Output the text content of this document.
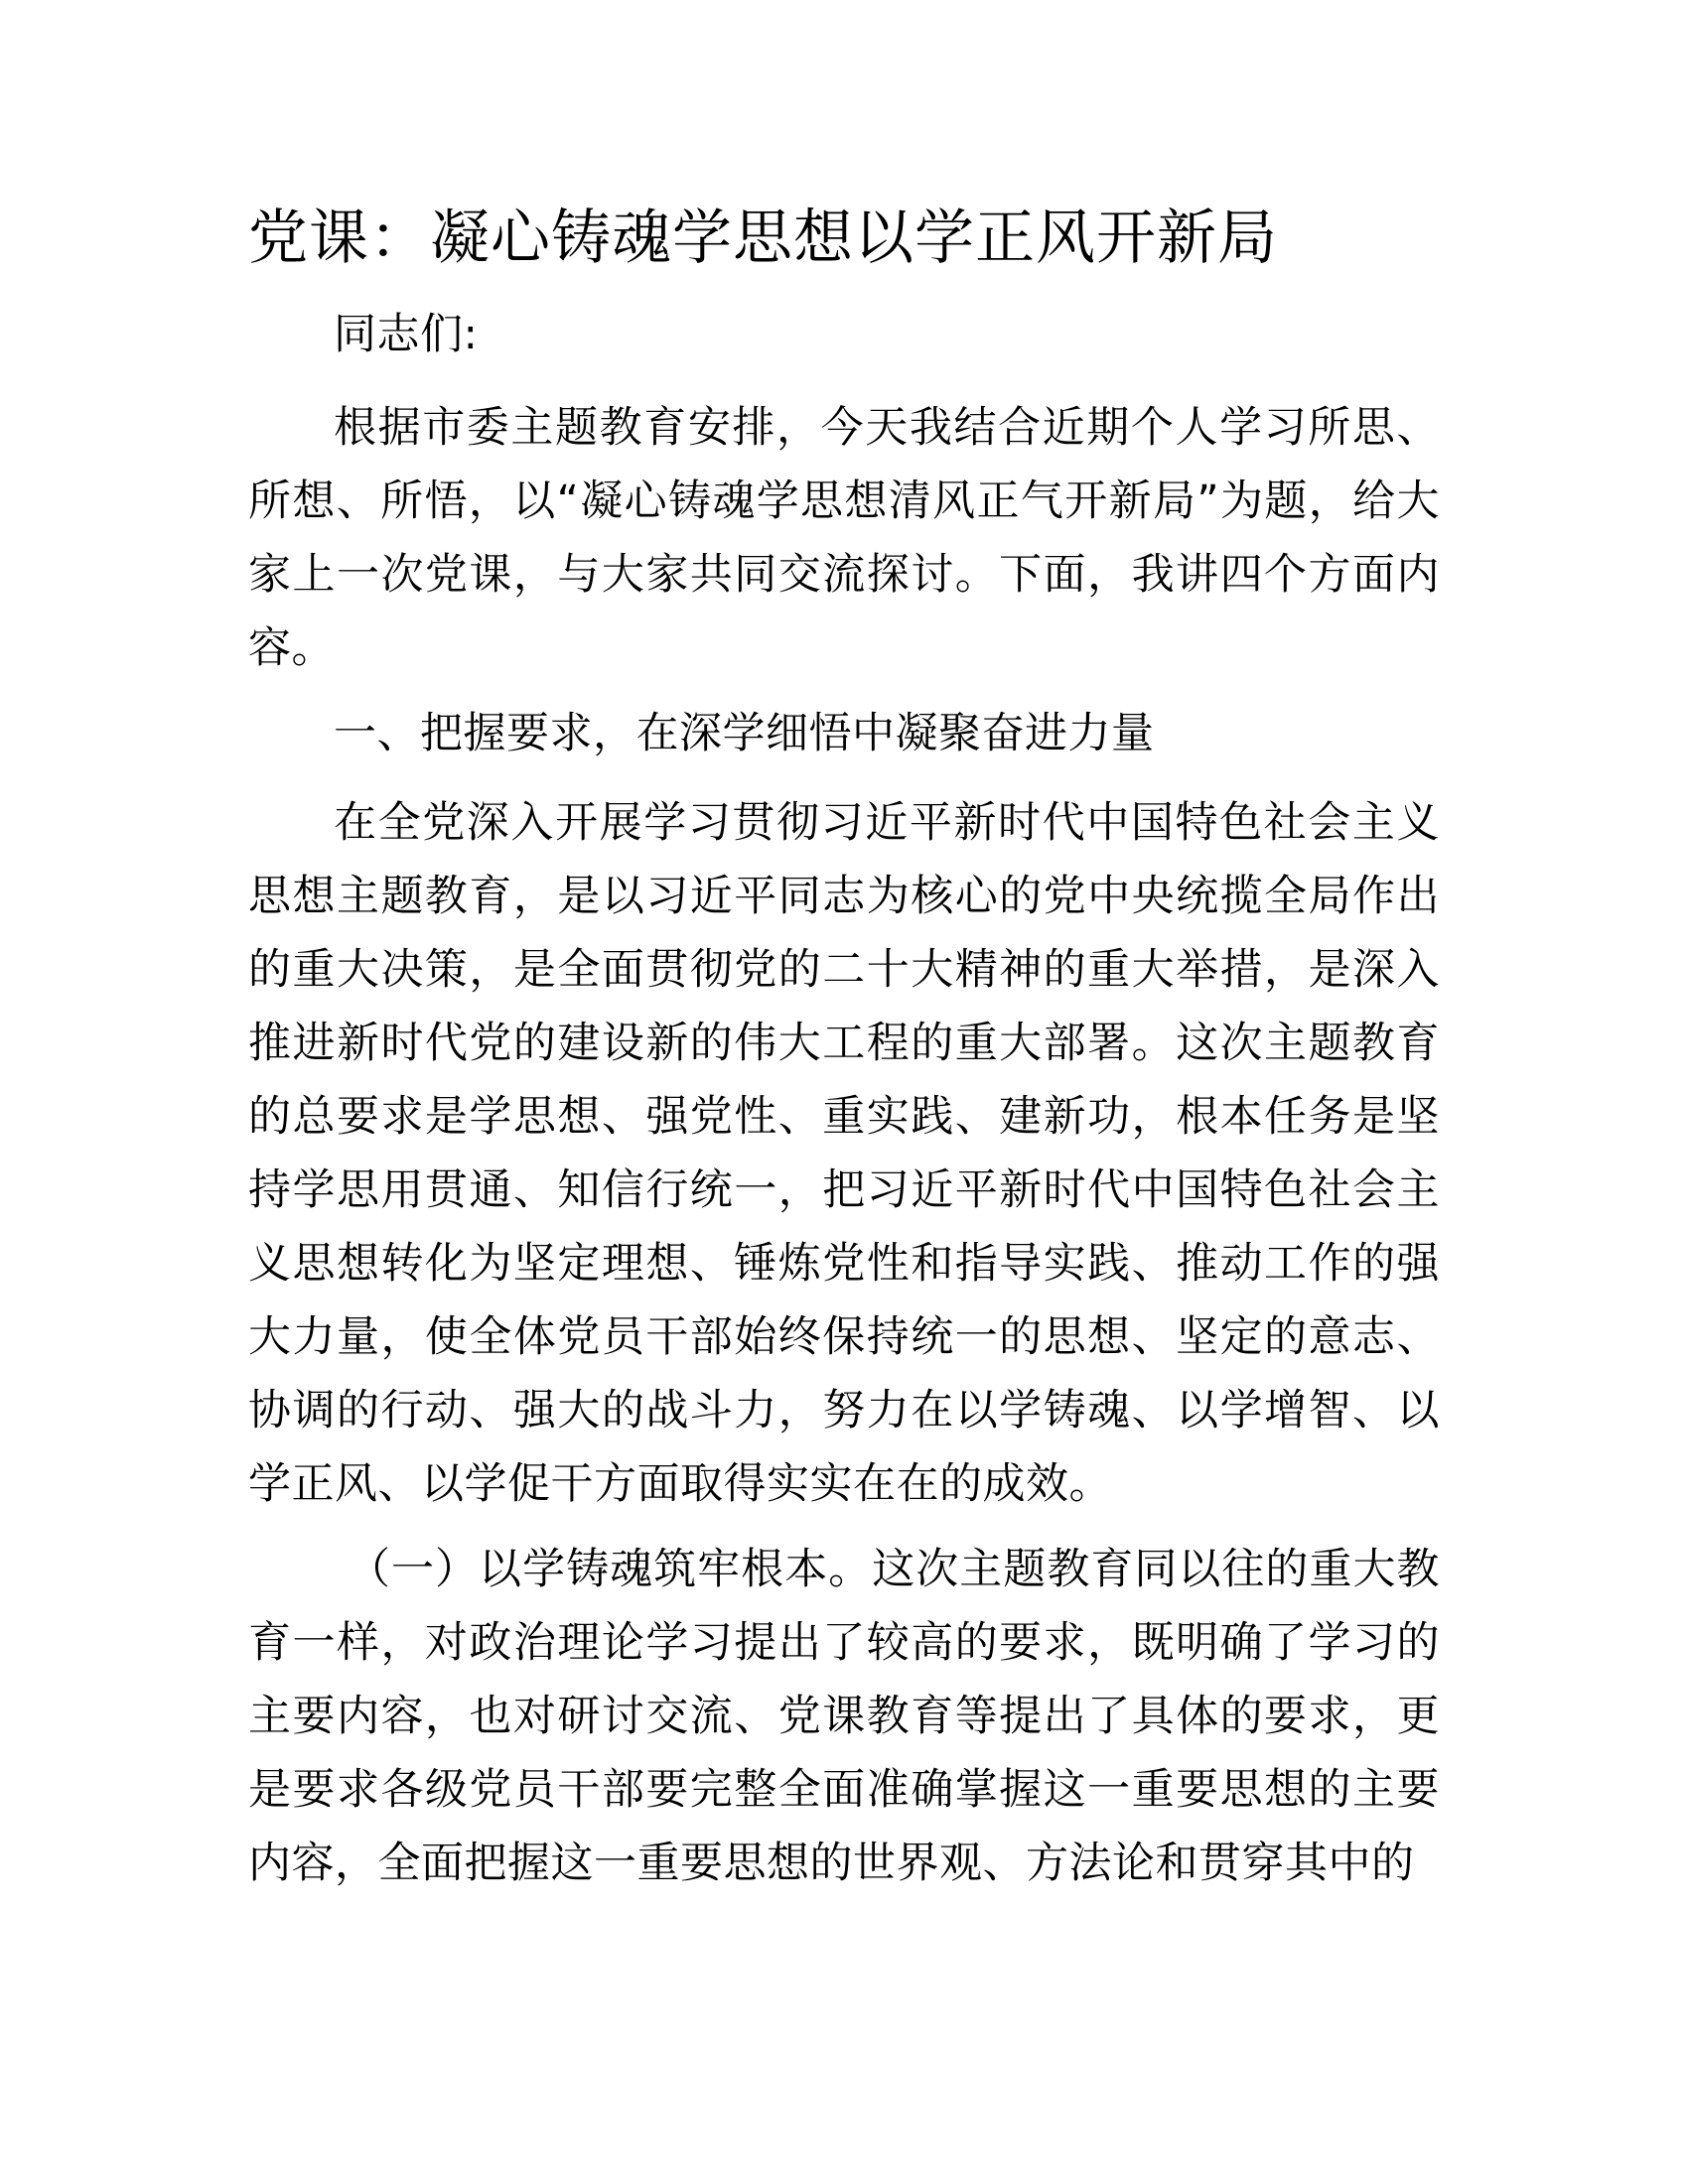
党课：凝心铸魂学思想以学正风开新局

同志们:

根据市委主题教育安排，今天我结合近期个人学习所思、所想、所悟，以“凝心铸魂学思想清风正气开新局”为题，给大家上一次党课，与大家共同交流探讨。下面，我讲四个方面内容。

一、把握要求，在深学细悟中凝聚奋进力量

在全党深入开展学习贯彻习近平新时代中国特色社会主义思想主题教育，是以习近平同志为核心的党中央统揽全局作出的重大决策，是全面贯彻党的二十大精神的重大举措，是深入推进新时代党的建设新的伟大工程的重大部署。这次主题教育的总要求是学思想、强党性、重实践、建新功，根本任务是坚持学思用贯通、知信行统一，把习近平新时代中国特色社会主义思想转化为坚定理想、锤炼党性和指导实践、推动工作的强大力量，使全体党员干部始终保持统一的思想、坚定的意志、协调的行动、强大的战斗力，努力在以学铸魂、以学增智、以学正风、以学促干方面取得实实在在的成效。

（一）以学铸魂筑牢根本。这次主题教育同以往的重大教育一样，对政治理论学习提出了较高的要求，既明确了学习的主要内容，也对研讨交流、党课教育等提出了具体的要求，更是要求各级党员干部要完整全面准确掌握这一重要思想的主要内容，全面把握这一重要思想的世界观、方法论和贯穿其中的
